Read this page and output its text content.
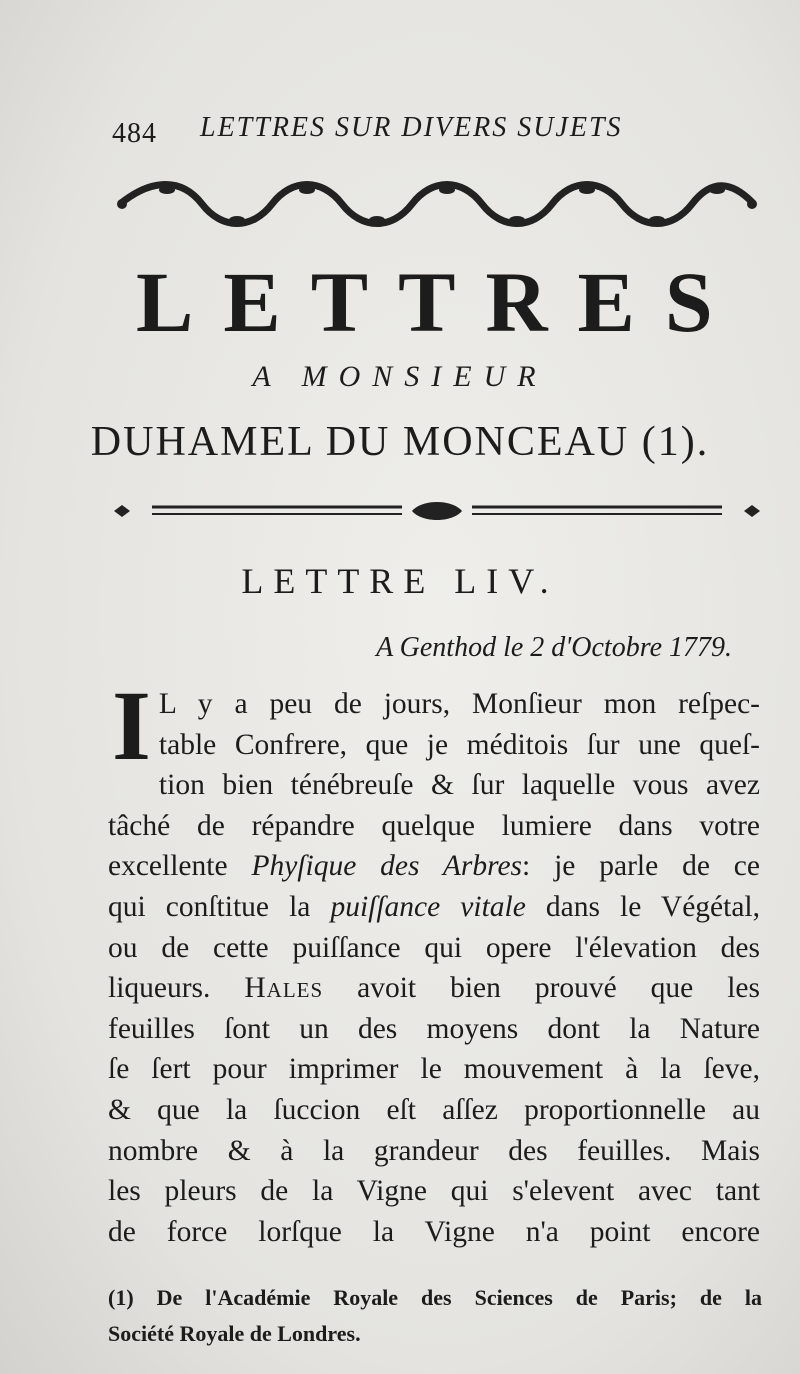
484 LETTRES SUR DIVERS SUJETS
LETTRES
A MONSIEUR
DUHAMEL DU MONCEAU (1).
LETTRE LIV.
A Genthod le 2 d'Octobre 1779.
I L y a peu de jours, Monſieur mon reſpec-
table Confrere, que je méditois ſur une queſ-
tion bien ténébreuſe & ſur laquelle vous avez
tâché de répandre quelque lumiere dans votre
excellente Phyſique des Arbres: je parle de ce
qui conſtitue la puiſſance vitale dans le Végétal,
ou de cette puiſſance qui opere l'élevation des
liqueurs. Hales avoit bien prouvé que les
feuilles ſont un des moyens dont la Nature
ſe ſert pour imprimer le mouvement à la ſeve,
& que la ſuccion eſt aſſez proportionnelle au
nombre & à la grandeur des feuilles. Mais
les pleurs de la Vigne qui s'elevent avec tant
de force lorſque la Vigne n'a point encore
(1) De l'Académie Royale des Sciences de Paris; de la
Société Royale de Londres.
